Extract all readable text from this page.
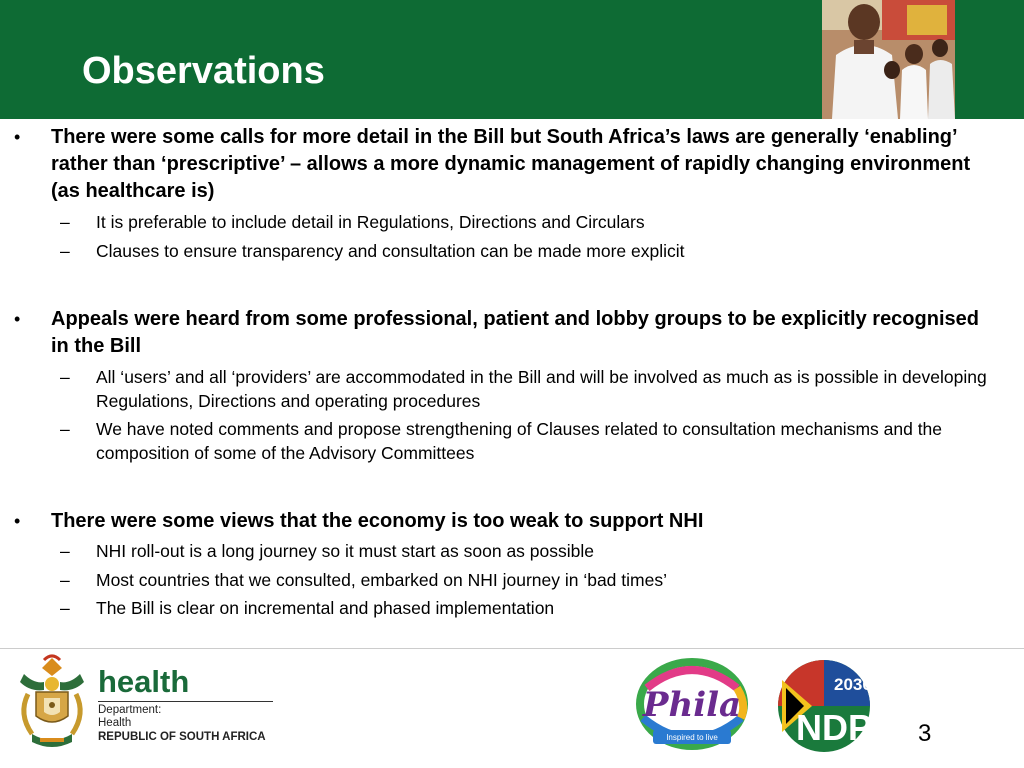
Observations
• There were some calls for more detail in the Bill but South Africa’s laws are generally ‘enabling’ rather than ‘prescriptive’ – allows a more dynamic management of rapidly changing environment (as healthcare is)
– It is preferable to include detail in Regulations, Directions and Circulars
– Clauses to ensure transparency and consultation can be made more explicit
• Appeals were heard from some professional, patient and lobby groups to be explicitly recognised in the Bill
– All ‘users’ and all ‘providers’ are accommodated in the Bill and will be involved as much as is possible in developing Regulations, Directions and operating procedures
– We have noted comments and propose strengthening of Clauses related to consultation mechanisms and the composition of some of the Advisory Committees
• There were some views that the economy is too weak to support NHI
– NHI roll-out is a long journey so it must start as soon as possible
– Most countries that we consulted, embarked on NHI journey in ‘bad times’
– The Bill is clear on incremental and phased implementation
health
Department:
Health
REPUBLIC OF SOUTH AFRICA
Phila
Inspired to live
2030
NDP 3
